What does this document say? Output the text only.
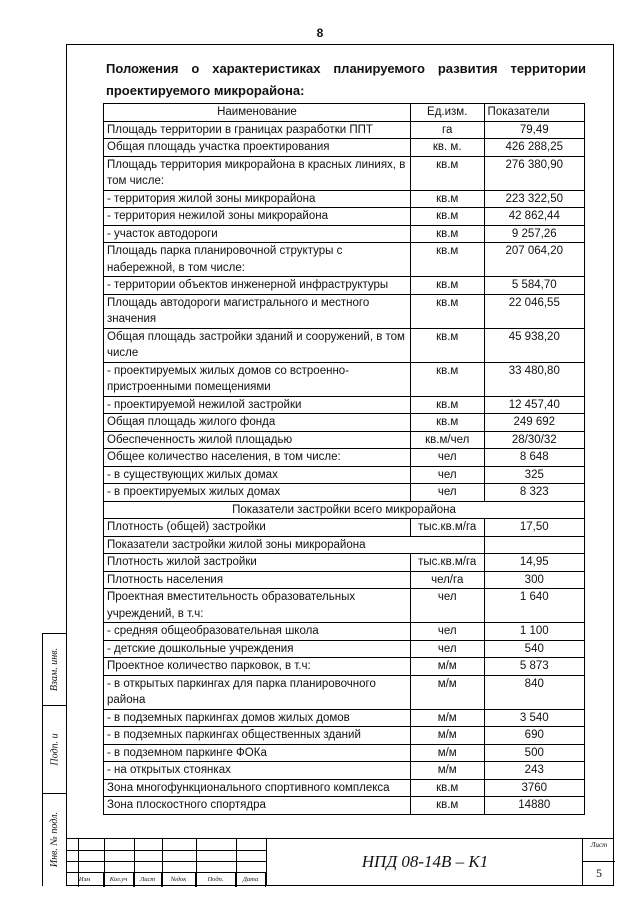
8
Положения о характеристиках планируемого развития территории проектируемого микрорайона:
Наименование	Ед.изм.	Показатели
Площадь территории в границах разработки ППТ	га	79,49
Общая площадь участка проектирования	кв. м.	426 288,25
Площадь территория микрорайона в красных линиях, в том числе:	кв.м	276 380,90
- территория жилой зоны микрорайона	кв.м	223 322,50
- территория нежилой зоны микрорайона	кв.м	42 862,44
- участок автодороги	кв.м	9 257,26
Площадь парка планировочной структуры с набережной, в том числе:	кв.м	207 064,20
- территории объектов инженерной инфраструктуры	кв.м	5 584,70
Площадь автодороги магистрального и местного значения	кв.м	22 046,55
Общая площадь застройки зданий и сооружений, в том числе	кв.м	45 938,20
- проектируемых жилых домов со встроенно-пристроенными помещениями	кв.м	33 480,80
- проектируемой нежилой застройки	кв.м	12 457,40
Общая площадь жилого фонда	кв.м	249 692
Обеспеченность жилой площадью	кв.м/чел	28/30/32
Общее количество населения, в том числе:	чел	8 648
- в существующих жилых домах	чел	325
- в проектируемых жилых домах	чел	8 323
Показатели застройки всего микрорайона		
Плотность (общей) застройки	тыс.кв.м/га	17,50
Показатели застройки жилой зоны микрорайона		
Плотность жилой застройки	тыс.кв.м/га	14,95
Плотность населения	чел/га	300
Проектная вместительность образовательных учреждений, в т.ч:	чел	1 640
- средняя общеобразовательная школа	чел	1 100
- детские дошкольные учреждения	чел	540
Проектное количество парковок, в т.ч:	м/м	5 873
- в открытых паркингах для парка планировочного района	м/м	840
- в подземных паркингах домов жилых домов	м/м	3 540
- в подземных паркингах общественных зданий	м/м	690
- в подземном паркинге ФОКа	м/м	500
- на открытых стоянках	м/м	243
Зона многофункционального спортивного комплекса	кв.м	3760
Зона плоскостного спортядра	кв.м	14880
Взам. инв.
Подп. и
Инв. № подл.
Изм	Кол.уч	Лист	№док	Подп.	Дата
НПД 08-14В – К1
Лист
5
